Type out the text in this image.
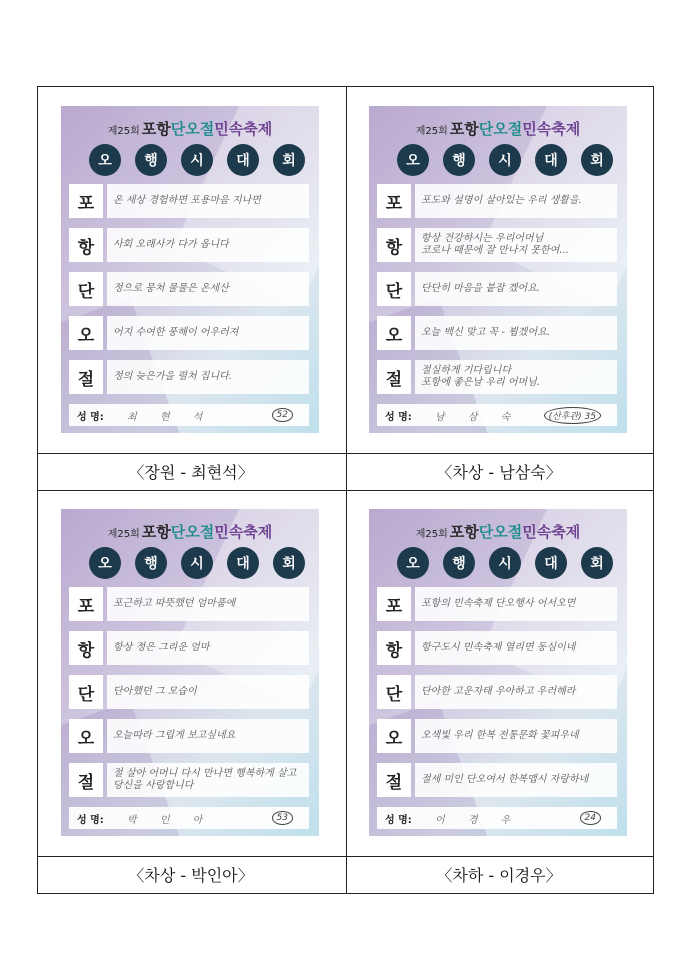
제25회 포항단오절민속축제
오	행	시	대	회
포	온 세상 경험하면 포용마음 지나면
항	사회 오래사가 다가 옵니다
단	정으로 뭉쳐 물물은 온세산
오	어지 수여한 풍해이 어우러져
절	정의 늦은가을 펼쳐 집니다.
성 명:	최 현 석	52
〈장원 - 최현석〉
제25회 포항단오절민속축제
오	행	시	대	회
포	포도와 설명이 살아있는 우리 생활을.
항	항상 건강하시는 우리어머님
코로나 때문에 잘 만나지 못한여...
단	단단히 마음을 붙잡 겠어요.
오	오늘 백신 맞고 꼭 - 뵙겠어요.
절	절실하게 기다립니다
포항에 좋은날 우리 어머님.
성 명:	남 삼 숙	(산후관) 35
〈차상 - 남삼숙〉
제25회 포항단오절민속축제
오	행	시	대	회
포	포근하고 따뜻했던 엄마품에
항	항상 정은 그리운 엄마
단	단아했던 그 모습이
오	오늘따라 그립게 보고싶네요
절	절 살아 어머니 다시 만나면 행복하게 살고
당신을 사랑합니다
성 명:	박 인 아	53
〈차상 - 박인아〉
제25회 포항단오절민속축제
오	행	시	대	회
포	포항의 민속축제 단오행사 어서오면
항	항구도시 민속축제 열리면 동심이네
단	단아한 고운자태 우아하고 우러해라
오	오색빛 우리 한복 전통문화 꽃피우네
절	절세 미인 단오여서 한복맵시 자랑하네
성 명:	이 경 우	24
〈차하 - 이경우〉
